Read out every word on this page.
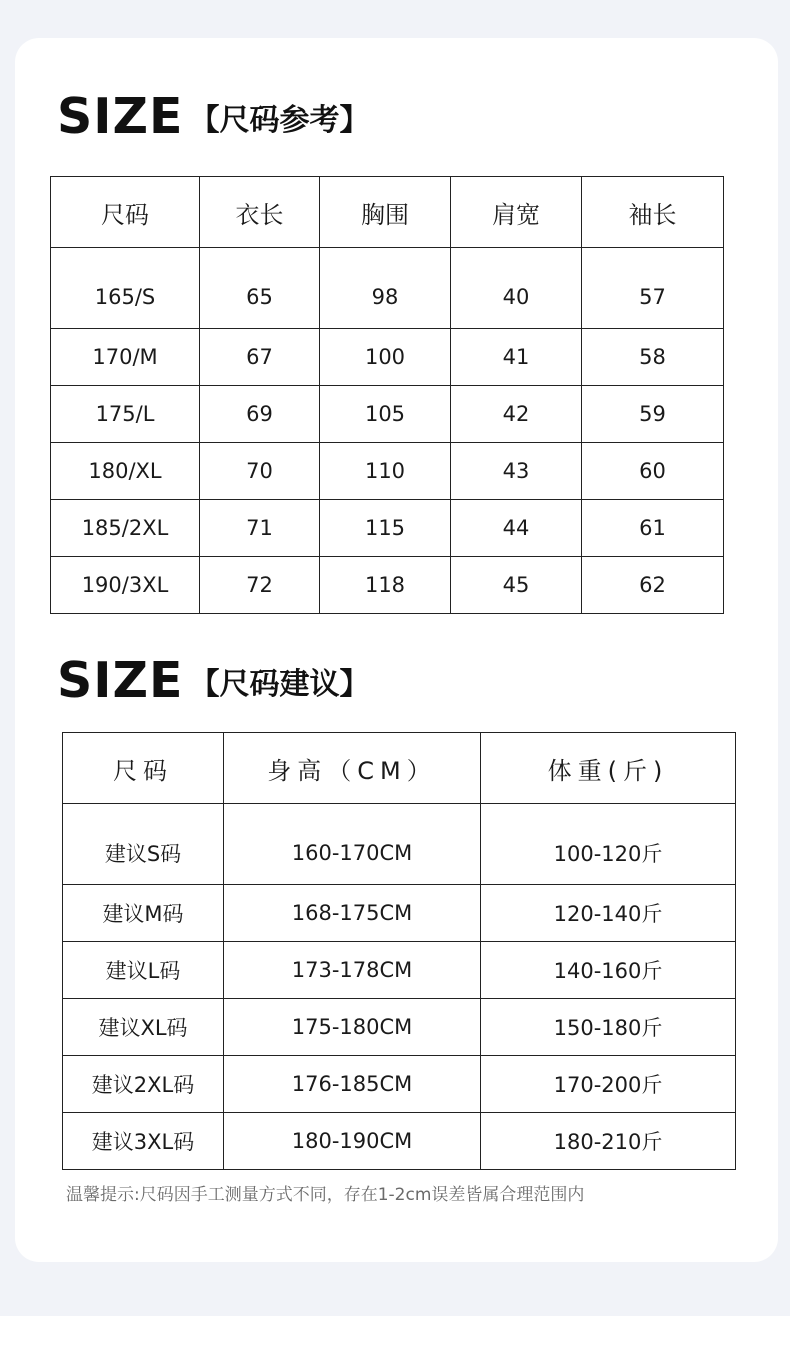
SIZE 【尺码参考】
尺码	衣长	胸围	肩宽	袖长
165/S	65	98	40	57
170/M	67	100	41	58
175/L	69	105	42	59
180/XL	70	110	43	60
185/2XL	71	115	44	61
190/3XL	72	118	45	62
SIZE 【尺码建议】
尺码	身高（CM）	体重(斤)
建议S码	160-170CM	100-120斤
建议M码	168-175CM	120-140斤
建议L码	173-178CM	140-160斤
建议XL码	175-180CM	150-180斤
建议2XL码	176-185CM	170-200斤
建议3XL码	180-190CM	180-210斤
温馨提示:尺码因手工测量方式不同，存在1-2cm误差皆属合理范围内
